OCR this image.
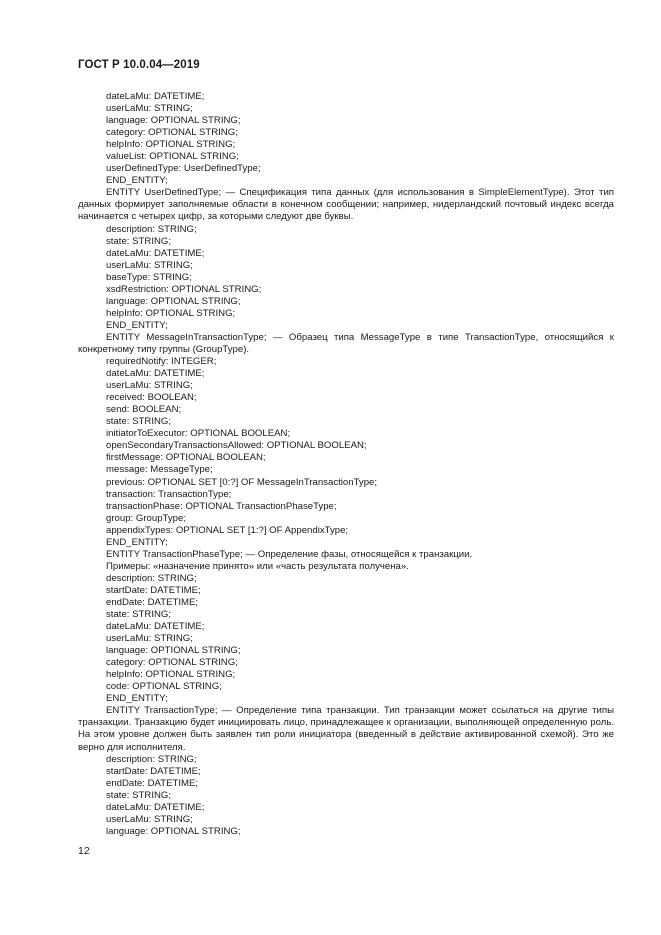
ГОСТ Р 10.0.04—2019
dateLaMu: DATETIME;
userLaMu: STRING;
language: OPTIONAL STRING;
category: OPTIONAL STRING;
helpInfo: OPTIONAL STRING;
valueList: OPTIONAL STRING;
userDefinedType: UserDefinedType;
END_ENTITY;
ENTITY UserDefinedType; — Спецификация типа данных (для использования в SimpleElementType). Этот тип данных формирует заполняемые области в конечном сообщении; например, нидерландский почтовый индекс всегда начинается с четырех цифр, за которыми следуют две буквы.
description: STRING;
state: STRING;
dateLaMu: DATETIME;
userLaMu: STRING;
baseType: STRING;
xsdRestriction: OPTIONAL STRING;
language: OPTIONAL STRING;
helpInfo: OPTIONAL STRING;
END_ENTITY;
ENTITY MessageInTransactionType; — Образец типа MessageType в типе TransactionType, относящийся к конкретному типу группы (GroupType).
requiredNotify: INTEGER;
dateLaMu: DATETIME;
userLaMu: STRING;
received: BOOLEAN;
send: BOOLEAN;
state: STRING;
initiatorToExecutor: OPTIONAL BOOLEAN;
openSecondaryTransactionsAllowed: OPTIONAL BOOLEAN;
firstMessage: OPTIONAL BOOLEAN;
message: MessageType;
previous: OPTIONAL SET [0:?] OF MessageInTransactionType;
transaction: TransactionType;
transactionPhase: OPTIONAL TransactionPhaseType;
group: GroupType;
appendixTypes: OPTIONAL SET [1:?] OF AppendixType;
END_ENTITY;
ENTITY TransactionPhaseType; — Определение фазы, относящейся к транзакции.
Примеры: «назначение принято» или «часть результата получена».
description: STRING;
startDate: DATETIME;
endDate: DATETIME;
state: STRING;
dateLaMu: DATETIME;
userLaMu: STRING;
language: OPTIONAL STRING;
category: OPTIONAL STRING;
helpInfo: OPTIONAL STRING;
code: OPTIONAL STRING;
END_ENTITY;
ENTITY TransactionType; — Определение типа транзакции. Тип транзакции может ссылаться на другие типы транзакции. Транзакцию будет инициировать лицо, принадлежащее к организации, выполняющей определенную роль. На этом уровне должен быть заявлен тип роли инициатора (введенный в действие активированной схемой). Это же верно для исполнителя.
description: STRING;
startDate: DATETIME;
endDate: DATETIME;
state: STRING;
dateLaMu: DATETIME;
userLaMu: STRING;
language: OPTIONAL STRING;
12
